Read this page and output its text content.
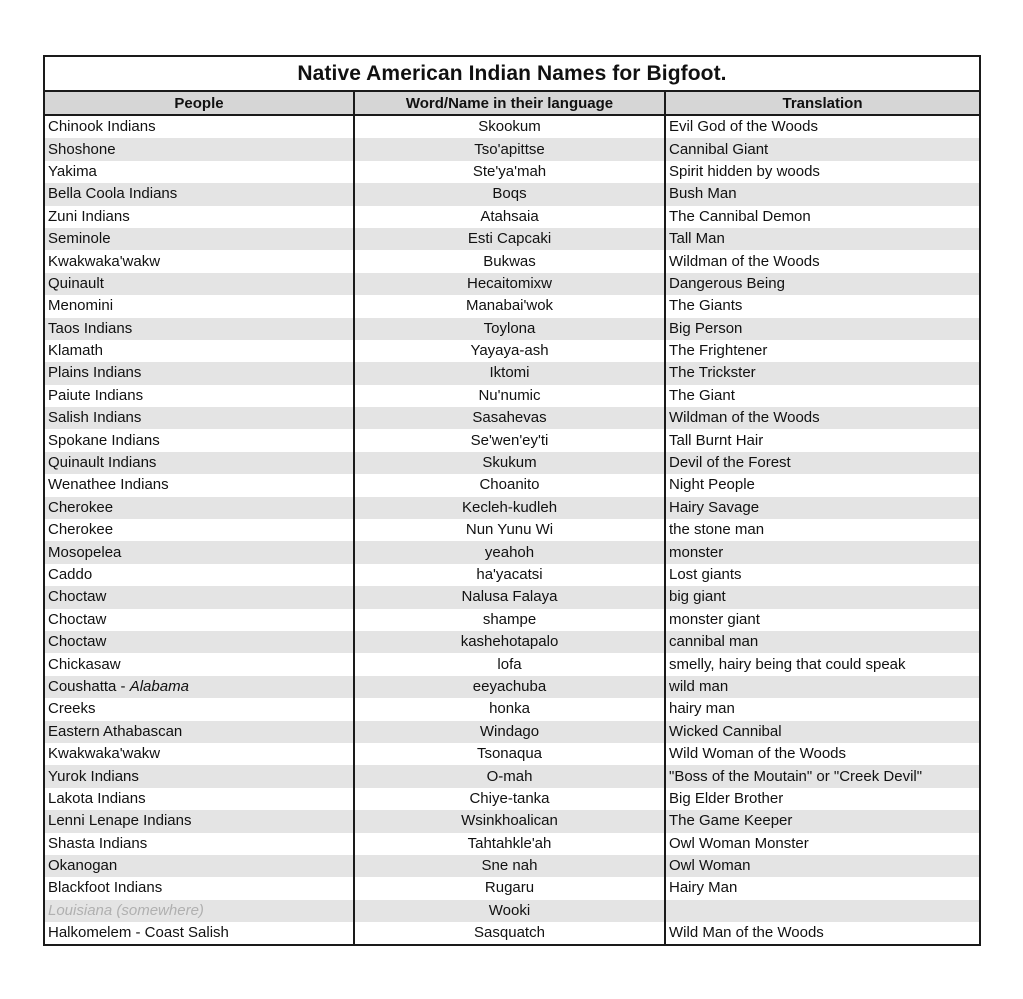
Native American Indian Names for Bigfoot.
People	Word/Name in their language	Translation
Chinook Indians	Skookum	Evil God of the Woods
Shoshone	Tso'apittse	Cannibal Giant
Yakima	Ste'ya'mah	Spirit hidden by woods
Bella Coola Indians	Boqs	Bush Man
Zuni Indians	Atahsaia	The Cannibal Demon
Seminole	Esti Capcaki	Tall Man
Kwakwaka'wakw	Bukwas	Wildman of the Woods
Quinault	Hecaitomixw	Dangerous Being
Menomini	Manabai'wok	The Giants
Taos Indians	Toylona	Big Person
Klamath	Yayaya-ash	The Frightener
Plains Indians	Iktomi	The Trickster
Paiute Indians	Nu'numic	The Giant
Salish Indians	Sasahevas	Wildman of the Woods
Spokane Indians	Se'wen'ey'ti	Tall Burnt Hair
Quinault Indians	Skukum	Devil of the Forest
Wenathee Indians	Choanito	Night People
Cherokee	Kecleh-kudleh	Hairy Savage
Cherokee	Nun Yunu Wi	the stone man
Mosopelea	yeahoh	monster
Caddo	ha'yacatsi	Lost giants
Choctaw	Nalusa Falaya	big giant
Choctaw	shampe	monster giant
Choctaw	kashehotapalo	cannibal man
Chickasaw	lofa	smelly, hairy being that could speak
Coushatta - Alabama	eeyachuba	wild man
Creeks	honka	hairy man
Eastern Athabascan	Windago	Wicked Cannibal
Kwakwaka'wakw	Tsonaqua	Wild Woman of the Woods
Yurok Indians	O-mah	"Boss of the Moutain" or "Creek Devil"
Lakota Indians	Chiye-tanka	Big Elder Brother
Lenni Lenape Indians	Wsinkhoalican	The Game Keeper
Shasta Indians	Tahtahkle'ah	Owl Woman Monster
Okanogan	Sne nah	Owl Woman
Blackfoot Indians	Rugaru	Hairy Man
Louisiana (somewhere)	Wooki	
Halkomelem - Coast Salish	Sasquatch	Wild Man of the Woods
